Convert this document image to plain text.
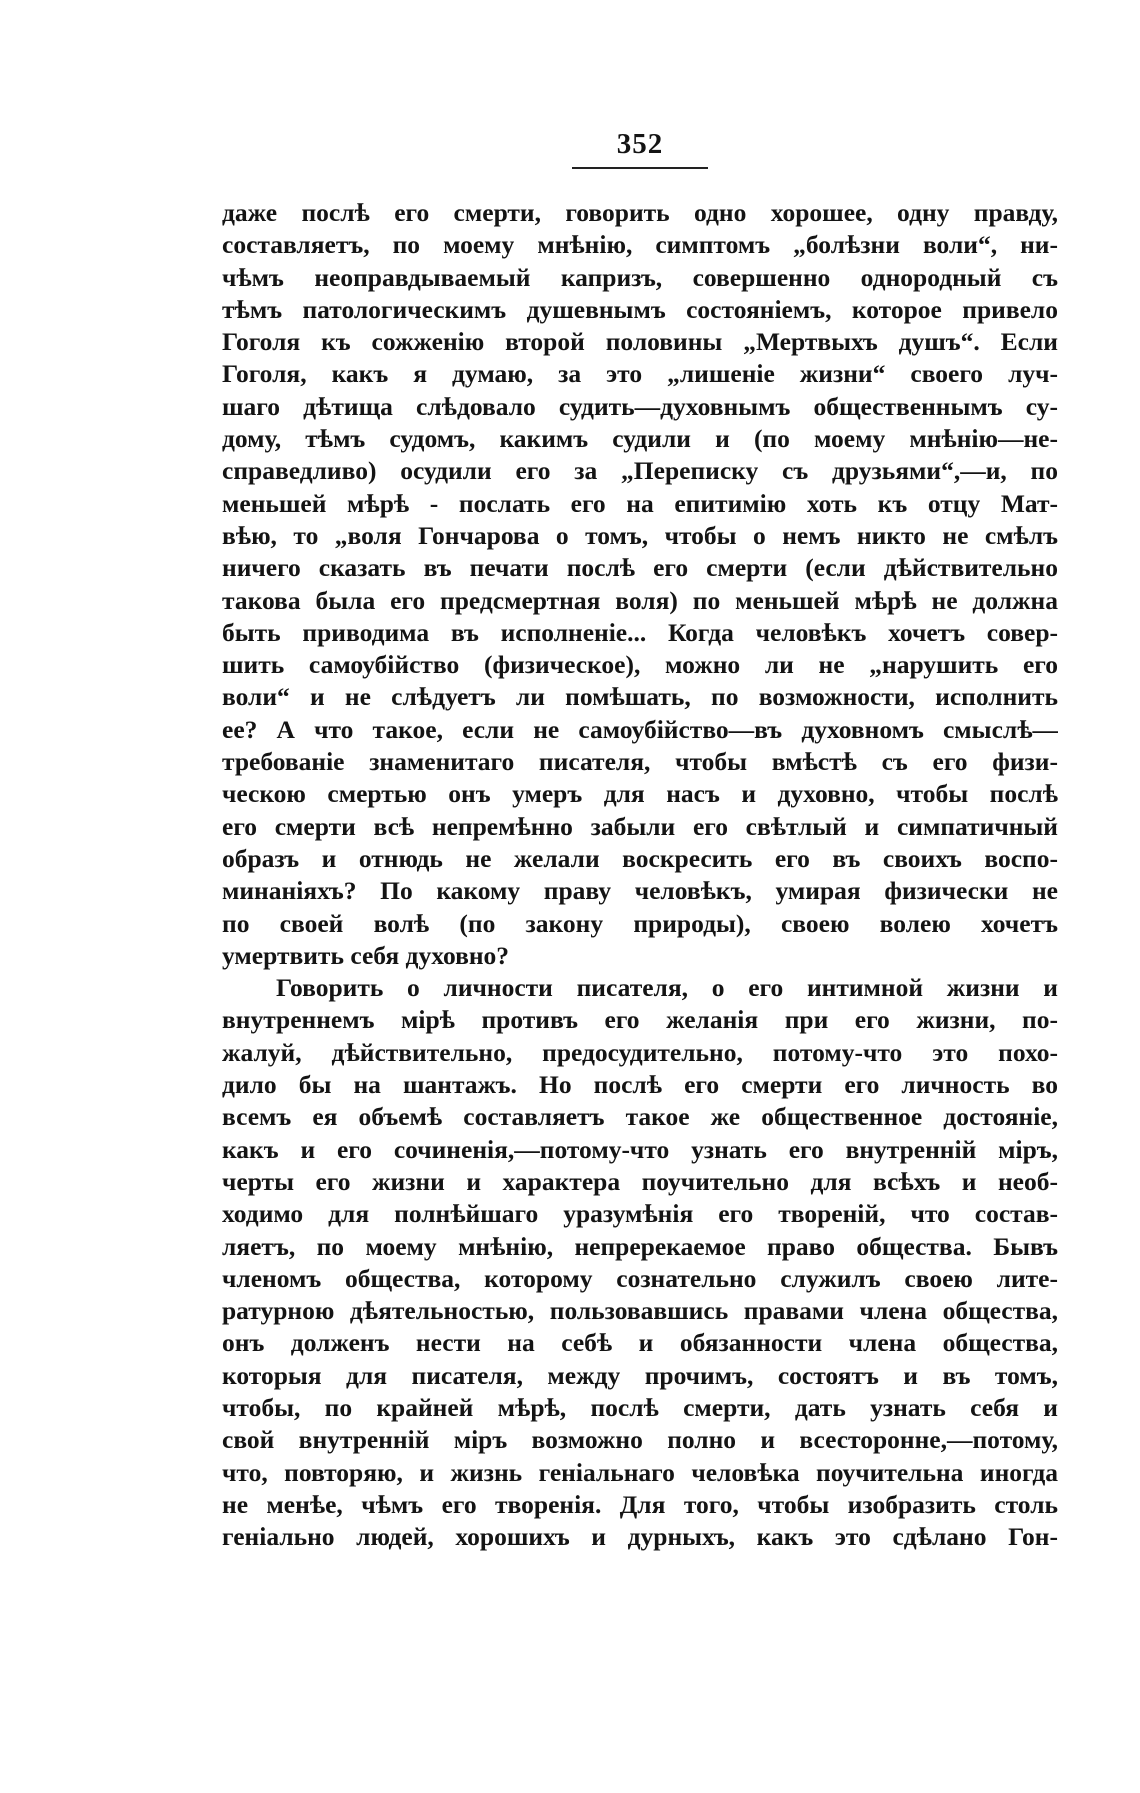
352
даже послѣ его смерти, говорить одно хорошее, одну правду,
составляетъ, по моему мнѣнію, симптомъ „болѣзни воли“, ни-
чѣмъ неоправдываемый капризъ, совершенно однородный съ
тѣмъ патологическимъ душевнымъ состояніемъ, которое привело
Гоголя къ сожженію второй половины „Мертвыхъ душъ“. Если
Гоголя, какъ я думаю, за это „лишеніе жизни“ своего луч-
шаго дѣтища слѣдовало судить—духовнымъ общественнымъ су-
дому, тѣмъ судомъ, какимъ судили и (по моему мнѣнію—не-
справедливо) осудили его за „Переписку съ друзьями“,—и, по
меньшей мѣрѣ - послать его на епитимію хоть къ отцу Мат-
вѣю, то „воля Гончарова о томъ, чтобы о немъ никто не смѣлъ
ничего сказать въ печати послѣ его смерти (если дѣйствительно
такова была его предсмертная воля) по меньшей мѣрѣ не должна
быть приводима въ исполненіе... Когда человѣкъ хочетъ совер-
шить самоубійство (физическое), можно ли не „нарушить его
воли“ и не слѣдуетъ ли помѣшать, по возможности, исполнить
ее? А что такое, если не самоубійство—въ духовномъ смыслѣ—
требованіе знаменитаго писателя, чтобы вмѣстѣ съ его физи-
ческою смертью онъ умеръ для насъ и духовно, чтобы послѣ
его смерти всѣ непремѣнно забыли его свѣтлый и симпатичный
образъ и отнюдь не желали воскресить его въ своихъ воспо-
минаніяхъ? По какому праву человѣкъ, умирая физически не
по своей волѣ (по закону природы), своею волею хочетъ
умертвить себя духовно?
Говорить о личности писателя, о его интимной жизни и
внутреннемъ мірѣ противъ его желанія при его жизни, по-
жалуй, дѣйствительно, предосудительно, потому-что это похо-
дило бы на шантажъ. Но послѣ его смерти его личность во
всемъ ея объемѣ составляетъ такое же общественное достояніе,
какъ и его сочиненія,—потому-что узнать его внутренній міръ,
черты его жизни и характера поучительно для всѣхъ и необ-
ходимо для полнѣйшаго уразумѣнія его твореній, что состав-
ляетъ, по моему мнѣнію, непререкаемое право общества. Бывъ
членомъ общества, которому сознательно служилъ своею лите-
ратурною дѣятельностью, пользовавшись правами члена общества,
онъ долженъ нести на себѣ и обязанности члена общества,
которыя для писателя, между прочимъ, состоятъ и въ томъ,
чтобы, по крайней мѣрѣ, послѣ смерти, дать узнать себя и
свой внутренній міръ возможно полно и всесторонне,—потому,
что, повторяю, и жизнь геніальнаго человѣка поучительна иногда
не менѣе, чѣмъ его творенія. Для того, чтобы изобразить столь
геніально людей, хорошихъ и дурныхъ, какъ это сдѣлано Гон-
